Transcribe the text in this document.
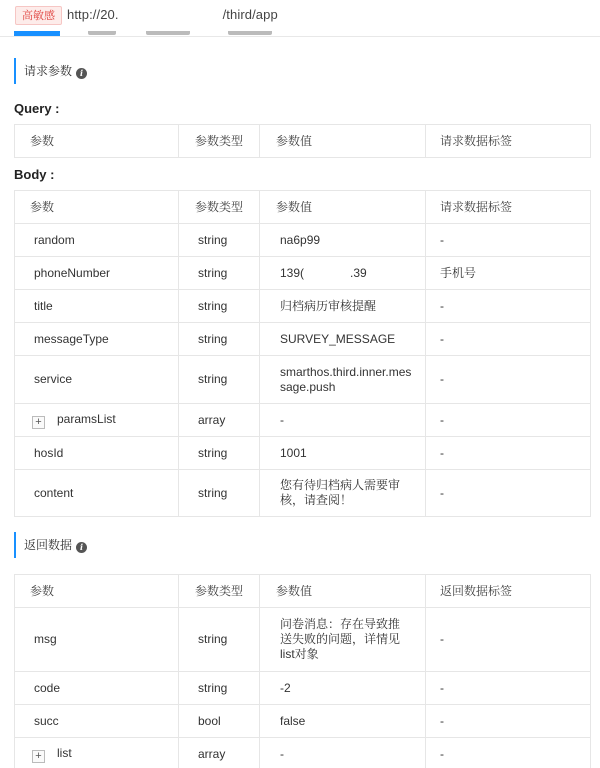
高敏感 http://20.	/third/app
请求参数 i
Query :
参数	参数类型	参数值	请求数据标签
Body :
参数	参数类型	参数值	请求数据标签
random	string	na6p99	-
phoneNumber	string	139( .39	手机号
title	string	归档病历审核提醒	-
messageType	string	SURVEY_MESSAGE	-
service	string	smarthos.third.inner.message.push	-
+ paramsList	array	-	-
hosId	string	1001	-
content	string	您有待归档病人需要审核，请查阅！	-
返回数据 i
参数	参数类型	参数值	返回数据标签
msg	string	问卷消息：存在导致推送失败的问题，详情见list对象	-
code	string	-2	-
succ	bool	false	-
+ list	array	-	-
